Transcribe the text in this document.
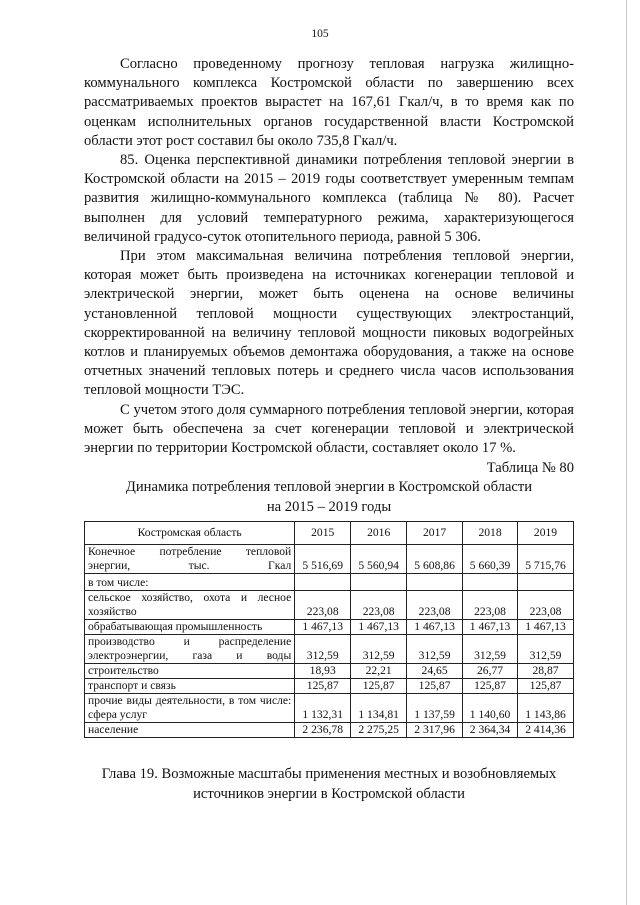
105

Согласно проведенному прогнозу тепловая нагрузка жилищно-коммунального комплекса Костромской области по завершению всех рассматриваемых проектов вырастет на 167,61 Гкал/ч, в то время как по оценкам исполнительных органов государственной власти Костромской области этот рост составил бы около 735,8 Гкал/ч.

85. Оценка перспективной динамики потребления тепловой энергии в Костромской области на 2015 – 2019 годы соответствует умеренным темпам развития жилищно-коммунального комплекса (таблица № 80). Расчет выполнен для условий температурного режима, характеризующегося величиной градусо-суток отопительного периода, равной 5 306.

При этом максимальная величина потребления тепловой энергии, которая может быть произведена на источниках когенерации тепловой и электрической энергии, может быть оценена на основе величины установленной тепловой мощности существующих электростанций, скорректированной на величину тепловой мощности пиковых водогрейных котлов и планируемых объемов демонтажа оборудования, а также на основе отчетных значений тепловых потерь и среднего числа часов использования тепловой мощности ТЭС.

С учетом этого доля суммарного потребления тепловой энергии, которая может быть обеспечена за счет когенерации тепловой и электрической энергии по территории Костромской области, составляет около 17 %.

Таблица № 80
Динамика потребления тепловой энергии в Костромской области
на 2015 – 2019 годы
Костромская область	2015	2016	2017	2018	2019
Конечное потребление тепловой энергии, тыс. Гкал	5 516,69	5 560,94	5 608,86	5 660,39	5 715,76
в том числе:					
сельское хозяйство, охота и лесное хозяйство	223,08	223,08	223,08	223,08	223,08
обрабатывающая промышленность	1 467,13	1 467,13	1 467,13	1 467,13	1 467,13
производство и распределение электроэнергии, газа и воды	312,59	312,59	312,59	312,59	312,59
строительство	18,93	22,21	24,65	26,77	28,87
транспорт и связь	125,87	125,87	125,87	125,87	125,87
прочие виды деятельности, в том числе: сфера услуг	1 132,31	1 134,81	1 137,59	1 140,60	1 143,86
население	2 236,78	2 275,25	2 317,96	2 364,34	2 414,36
Глава 19. Возможные масштабы применения местных и возобновляемых источников энергии в Костромской области
